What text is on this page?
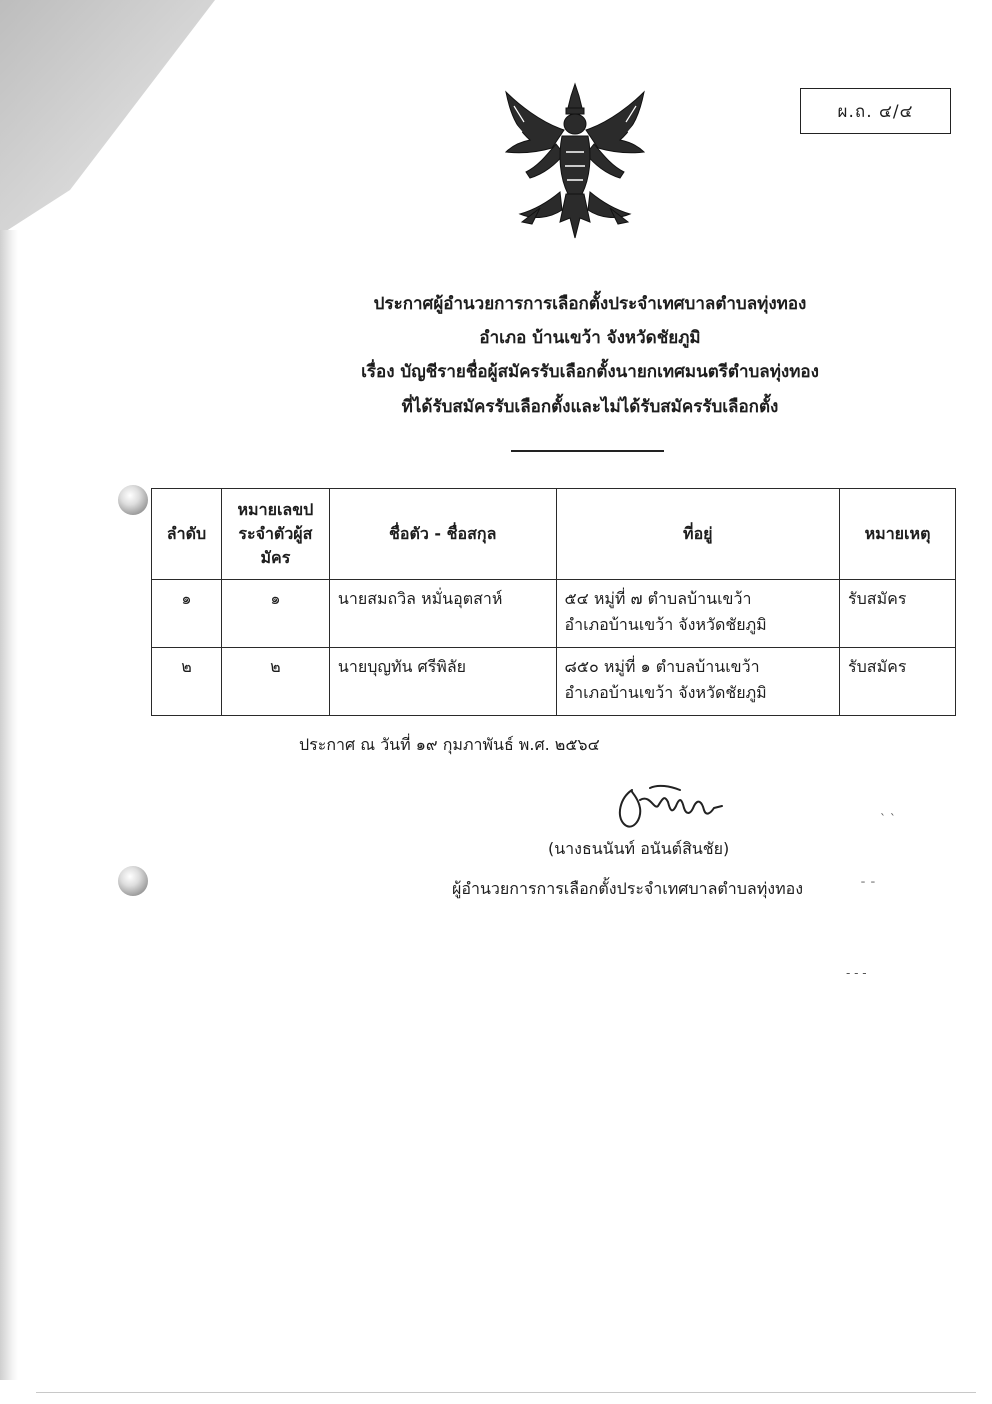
ผ.ถ. ๔/๔
ประกาศผู้อำนวยการการเลือกตั้งประจำเทศบาลตำบลทุ่งทอง
อำเภอ บ้านเขว้า จังหวัดชัยภูมิ
เรื่อง บัญชีรายชื่อผู้สมัครรับเลือกตั้งนายกเทศมนตรีตำบลทุ่งทอง
ที่ได้รับสมัครรับเลือกตั้งและไม่ได้รับสมัครรับเลือกตั้ง
ลำดับ	หมายเลขประจำตัวผู้สมัคร	ชื่อตัว - ชื่อสกุล	ที่อยู่	หมายเหตุ
๑	๑	นายสมถวิล หมั่นอุตสาห์	๕๔ หมู่ที่ ๗ ตำบลบ้านเขว้า
อำเภอบ้านเขว้า จังหวัดชัยภูมิ	รับสมัคร
๒	๒	นายบุญทัน ศรีพิลัย	๘๕๐ หมู่ที่ ๑ ตำบลบ้านเขว้า
อำเภอบ้านเขว้า จังหวัดชัยภูมิ	รับสมัคร
ประกาศ ณ วันที่ ๑๙ กุมภาพันธ์ พ.ศ. ๒๕๖๔
(นางธนนันท์ อนันต์สินชัย)
ผู้อำนวยการการเลือกตั้งประจำเทศบาลตำบลทุ่งทอง
ˋ ˋ
ˉ ˉ
- - -
